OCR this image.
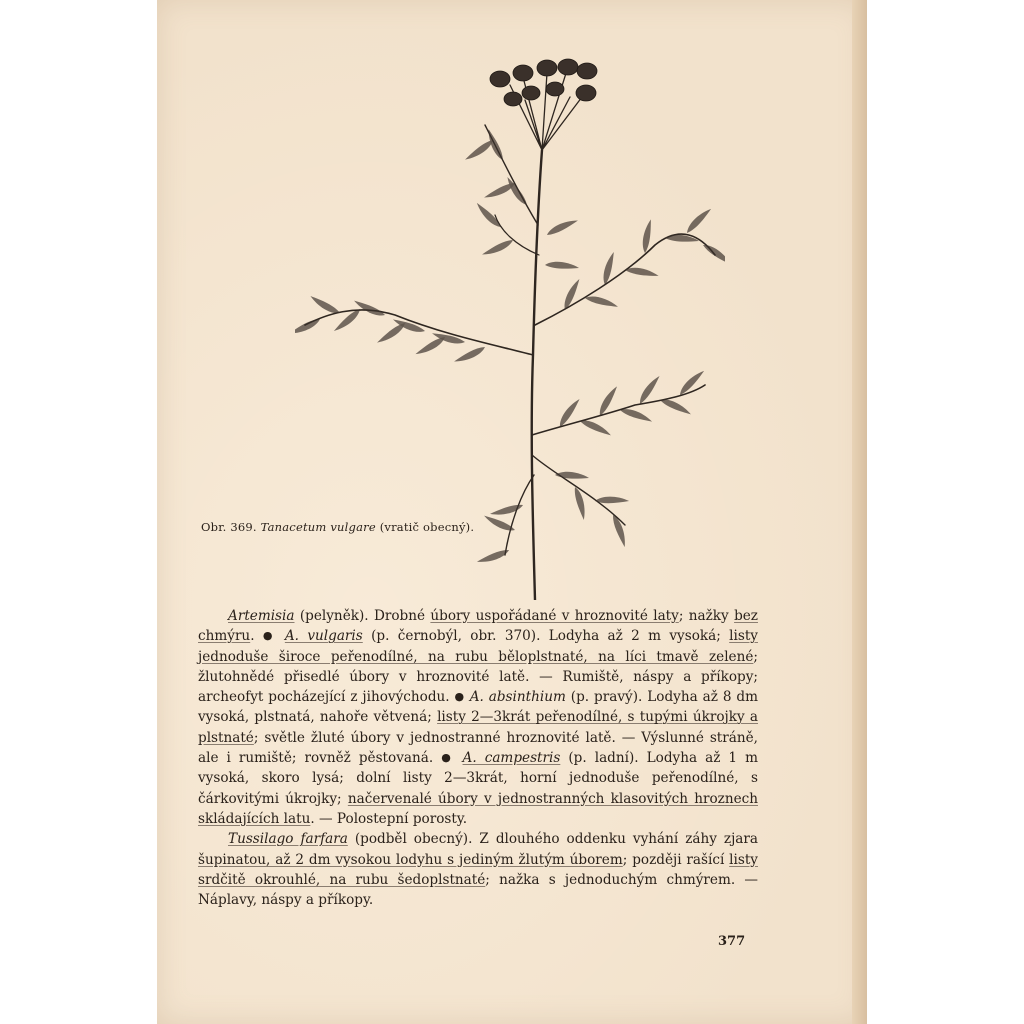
Obr. 369. Tanacetum vulgare (vratič obecný).

Artemisia (pelyněk). Drobné úbory uspořádané v hroznovité laty; nažky bez chmýru. ● A. vulgaris (p. černobýl, obr. 370). Lodyha až 2 m vysoká; listy jednoduše široce peřenodílné, na rubu běloplstnaté, na líci tmavě zelené; žlutohnědé přisedlé úbory v hroznovité latě. — Rumiště, náspy a příkopy; archeofyt pocházející z jihovýchodu. ● A. absinthium (p. pravý). Lodyha až 8 dm vysoká, plstnatá, nahoře větvená; listy 2—3krát peřenodílné, s tupými úkrojky a plstnaté; světle žluté úbory v jednostranné hroznovité latě. — Výslunné stráně, ale i rumiště; rovněž pěstovaná. ● A. campestris (p. ladní). Lodyha až 1 m vysoká, skoro lysá; dolní listy 2—3krát, horní jednoduše peřenodílné, s čárkovitými úkrojky; načervenalé úbory v jednostranných klasovitých hroznech skládajících latu. — Polostepní porosty.

Tussilago farfara (podběl obecný). Z dlouhého oddenku vyhání záhy zjara šupinatou, až 2 dm vysokou lodyhu s jediným žlutým úborem; později rašící listy srdčitě okrouhlé, na rubu šedoplstnaté; nažka s jednoduchým chmýrem. — Náplavy, náspy a příkopy.

377
